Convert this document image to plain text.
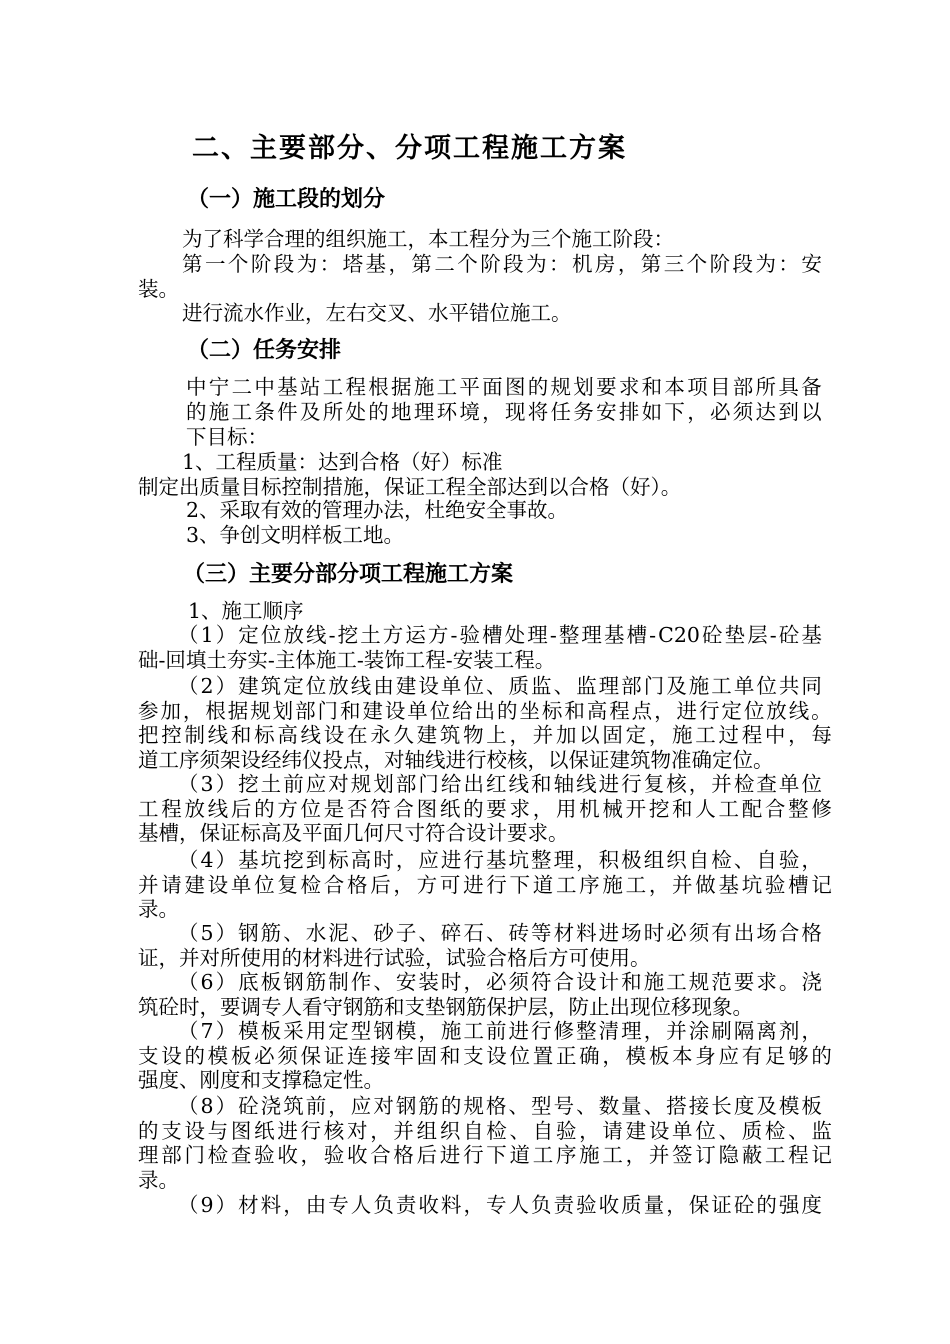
二、主要部分、分项工程施工方案
（一）施工段的划分
为了科学合理的组织施工，本工程分为三个施工阶段：
第 一 个 阶 段 为 ： 塔 基 ， 第 二 个 阶 段 为 ： 机 房 ， 第 三 个 阶 段 为 ： 安
装。
进行流水作业，左右交叉、水平错位施工。
（二）任务安排
中 宁 二 中 基 站 工 程 根 据 施 工 平 面 图 的 规 划 要 求 和 本 项 目 部 所 具 备
的 施 工 条 件 及 所 处 的 地 理 环 境 ， 现 将 任 务 安 排 如 下 ， 必 须 达 到 以
下目标：
1、工程质量：达到合格（好）标准
制定出质量目标控制措施，保证工程全部达到以合格（好）。
2、采取有效的管理办法，杜绝安全事故。
3、争创文明样板工地。
（三）主要分部分项工程施工方案
1、施工顺序
（ 1 ） 定 位 放 线 - 挖 土 方 运 方 - 验 槽 处 理 - 整 理 基 槽 - C20 砼 垫 层 - 砼 基
础-回填土夯实-主体施工-装饰工程-安装工程。
（ 2 ） 建 筑 定 位 放 线 由 建 设 单 位 、 质 监 、 监 理 部 门 及 施 工 单 位 共 同
参 加 ， 根 据 规 划 部 门 和 建 设 单 位 给 出 的 坐 标 和 高 程 点 ， 进 行 定 位 放 线 。
把 控 制 线 和 标 高 线 设 在 永 久 建 筑 物 上 ， 并 加 以 固 定 ， 施 工 过 程 中 ， 每
道工序须架设经纬仪投点，对轴线进行校核，以保证建筑物准确定位。
（ 3 ） 挖 土 前 应 对 规 划 部 门 给 出 红 线 和 轴 线 进 行 复 核 ， 并 检 查 单 位
工 程 放 线 后 的 方 位 是 否 符 合 图 纸 的 要 求 ， 用 机 械 开 挖 和 人 工 配 合 整 修
基槽，保证标高及平面几何尺寸符合设计要求。
（ 4 ） 基 坑 挖 到 标 高 时 ， 应 进 行 基 坑 整 理 ， 积 极 组 织 自 检 、 自 验 ，
并 请 建 设 单 位 复 检 合 格 后 ， 方 可 进 行 下 道 工 序 施 工 ， 并 做 基 坑 验 槽 记
录。
（ 5 ） 钢 筋 、 水 泥 、 砂 子 、 碎 石 、 砖 等 材 料 进 场 时 必 须 有 出 场 合 格
证，并对所使用的材料进行试验，试验合格后方可使用。
（ 6 ） 底 板 钢 筋 制 作 、 安 装 时 ， 必 须 符 合 设 计 和 施 工 规 范 要 求 。 浇
筑砼时，要调专人看守钢筋和支垫钢筋保护层，防止出现位移现象。
（ 7 ） 模 板 采 用 定 型 钢 模 ， 施 工 前 进 行 修 整 清 理 ， 并 涂 刷 隔 离 剂 ，
支 设 的 模 板 必 须 保 证 连 接 牢 固 和 支 设 位 置 正 确 ， 模 板 本 身 应 有 足 够 的
强度、刚度和支撑稳定性。
（ 8 ） 砼 浇 筑 前 ， 应 对 钢 筋 的 规 格 、 型 号 、 数 量 、 搭 接 长 度 及 模 板
的 支 设 与 图 纸 进 行 核 对 ， 并 组 织 自 检 、 自 验 ， 请 建 设 单 位 、 质 检 、 监
理 部 门 检 查 验 收 ， 验 收 合 格 后 进 行 下 道 工 序 施 工 ， 并 签 订 隐 蔽 工 程 记
录。
（ 9 ） 材 料 ， 由 专 人 负 责 收 料 ， 专 人 负 责 验 收 质 量 ， 保 证 砼 的 强 度
